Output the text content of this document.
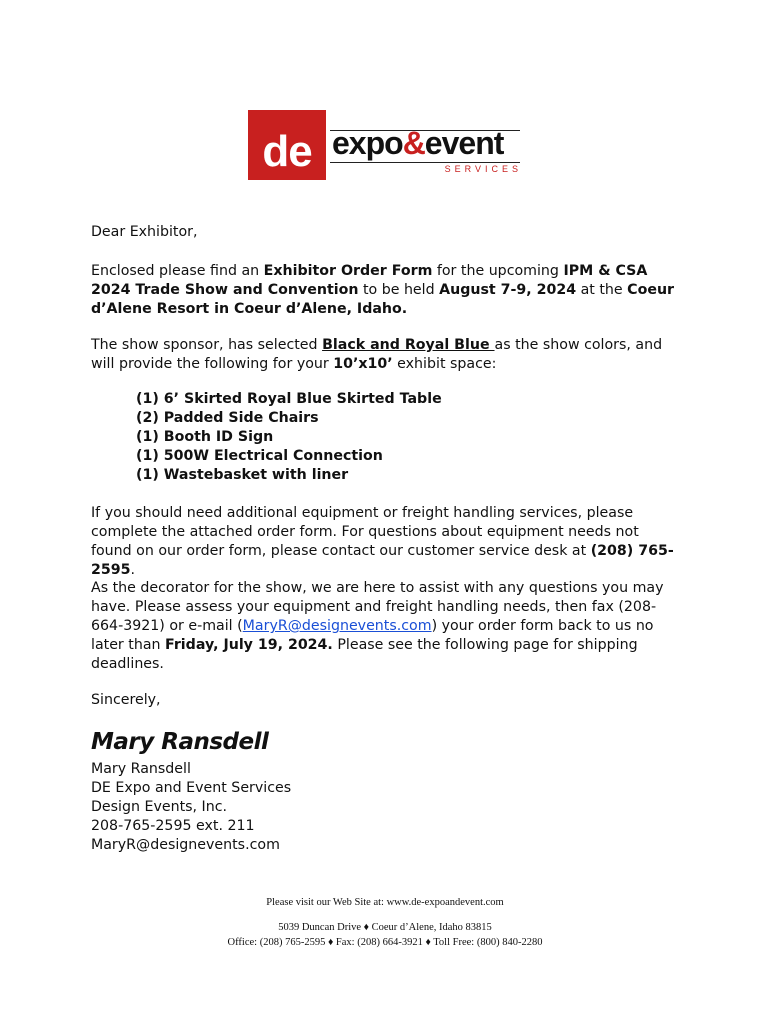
de expo&event
SERVICES
Dear Exhibitor,

Enclosed please find an Exhibitor Order Form for the upcoming IPM & CSA 2024 Trade Show and Convention to be held August 7-9, 2024 at the Coeur d’Alene Resort in Coeur d’Alene, Idaho.

The show sponsor, has selected Black and Royal Blue as the show colors, and will provide the following for your 10’x10’ exhibit space:

(1) 6’ Skirted Royal Blue Skirted Table
(2) Padded Side Chairs
(1) Booth ID Sign
(1) 500W Electrical Connection
(1) Wastebasket with liner

If you should need additional equipment or freight handling services, please complete the attached order form. For questions about equipment needs not found on our order form, please contact our customer service desk at (208) 765-2595.

As the decorator for the show, we are here to assist with any questions you may have. Please assess your equipment and freight handling needs, then fax (208-664-3921) or e-mail (MaryR@designevents.com) your order form back to us no later than Friday, July 19, 2024. Please see the following page for shipping deadlines.

Sincerely,
Mary Ransdell
Mary Ransdell
DE Expo and Event Services
Design Events, Inc.
208-765-2595 ext. 211
MaryR@designevents.com
Please visit our Web Site at: www.de-expoandevent.com
5039 Duncan Drive ♦ Coeur d’Alene, Idaho 83815
Office: (208) 765-2595 ♦ Fax: (208) 664-3921 ♦ Toll Free: (800) 840-2280
